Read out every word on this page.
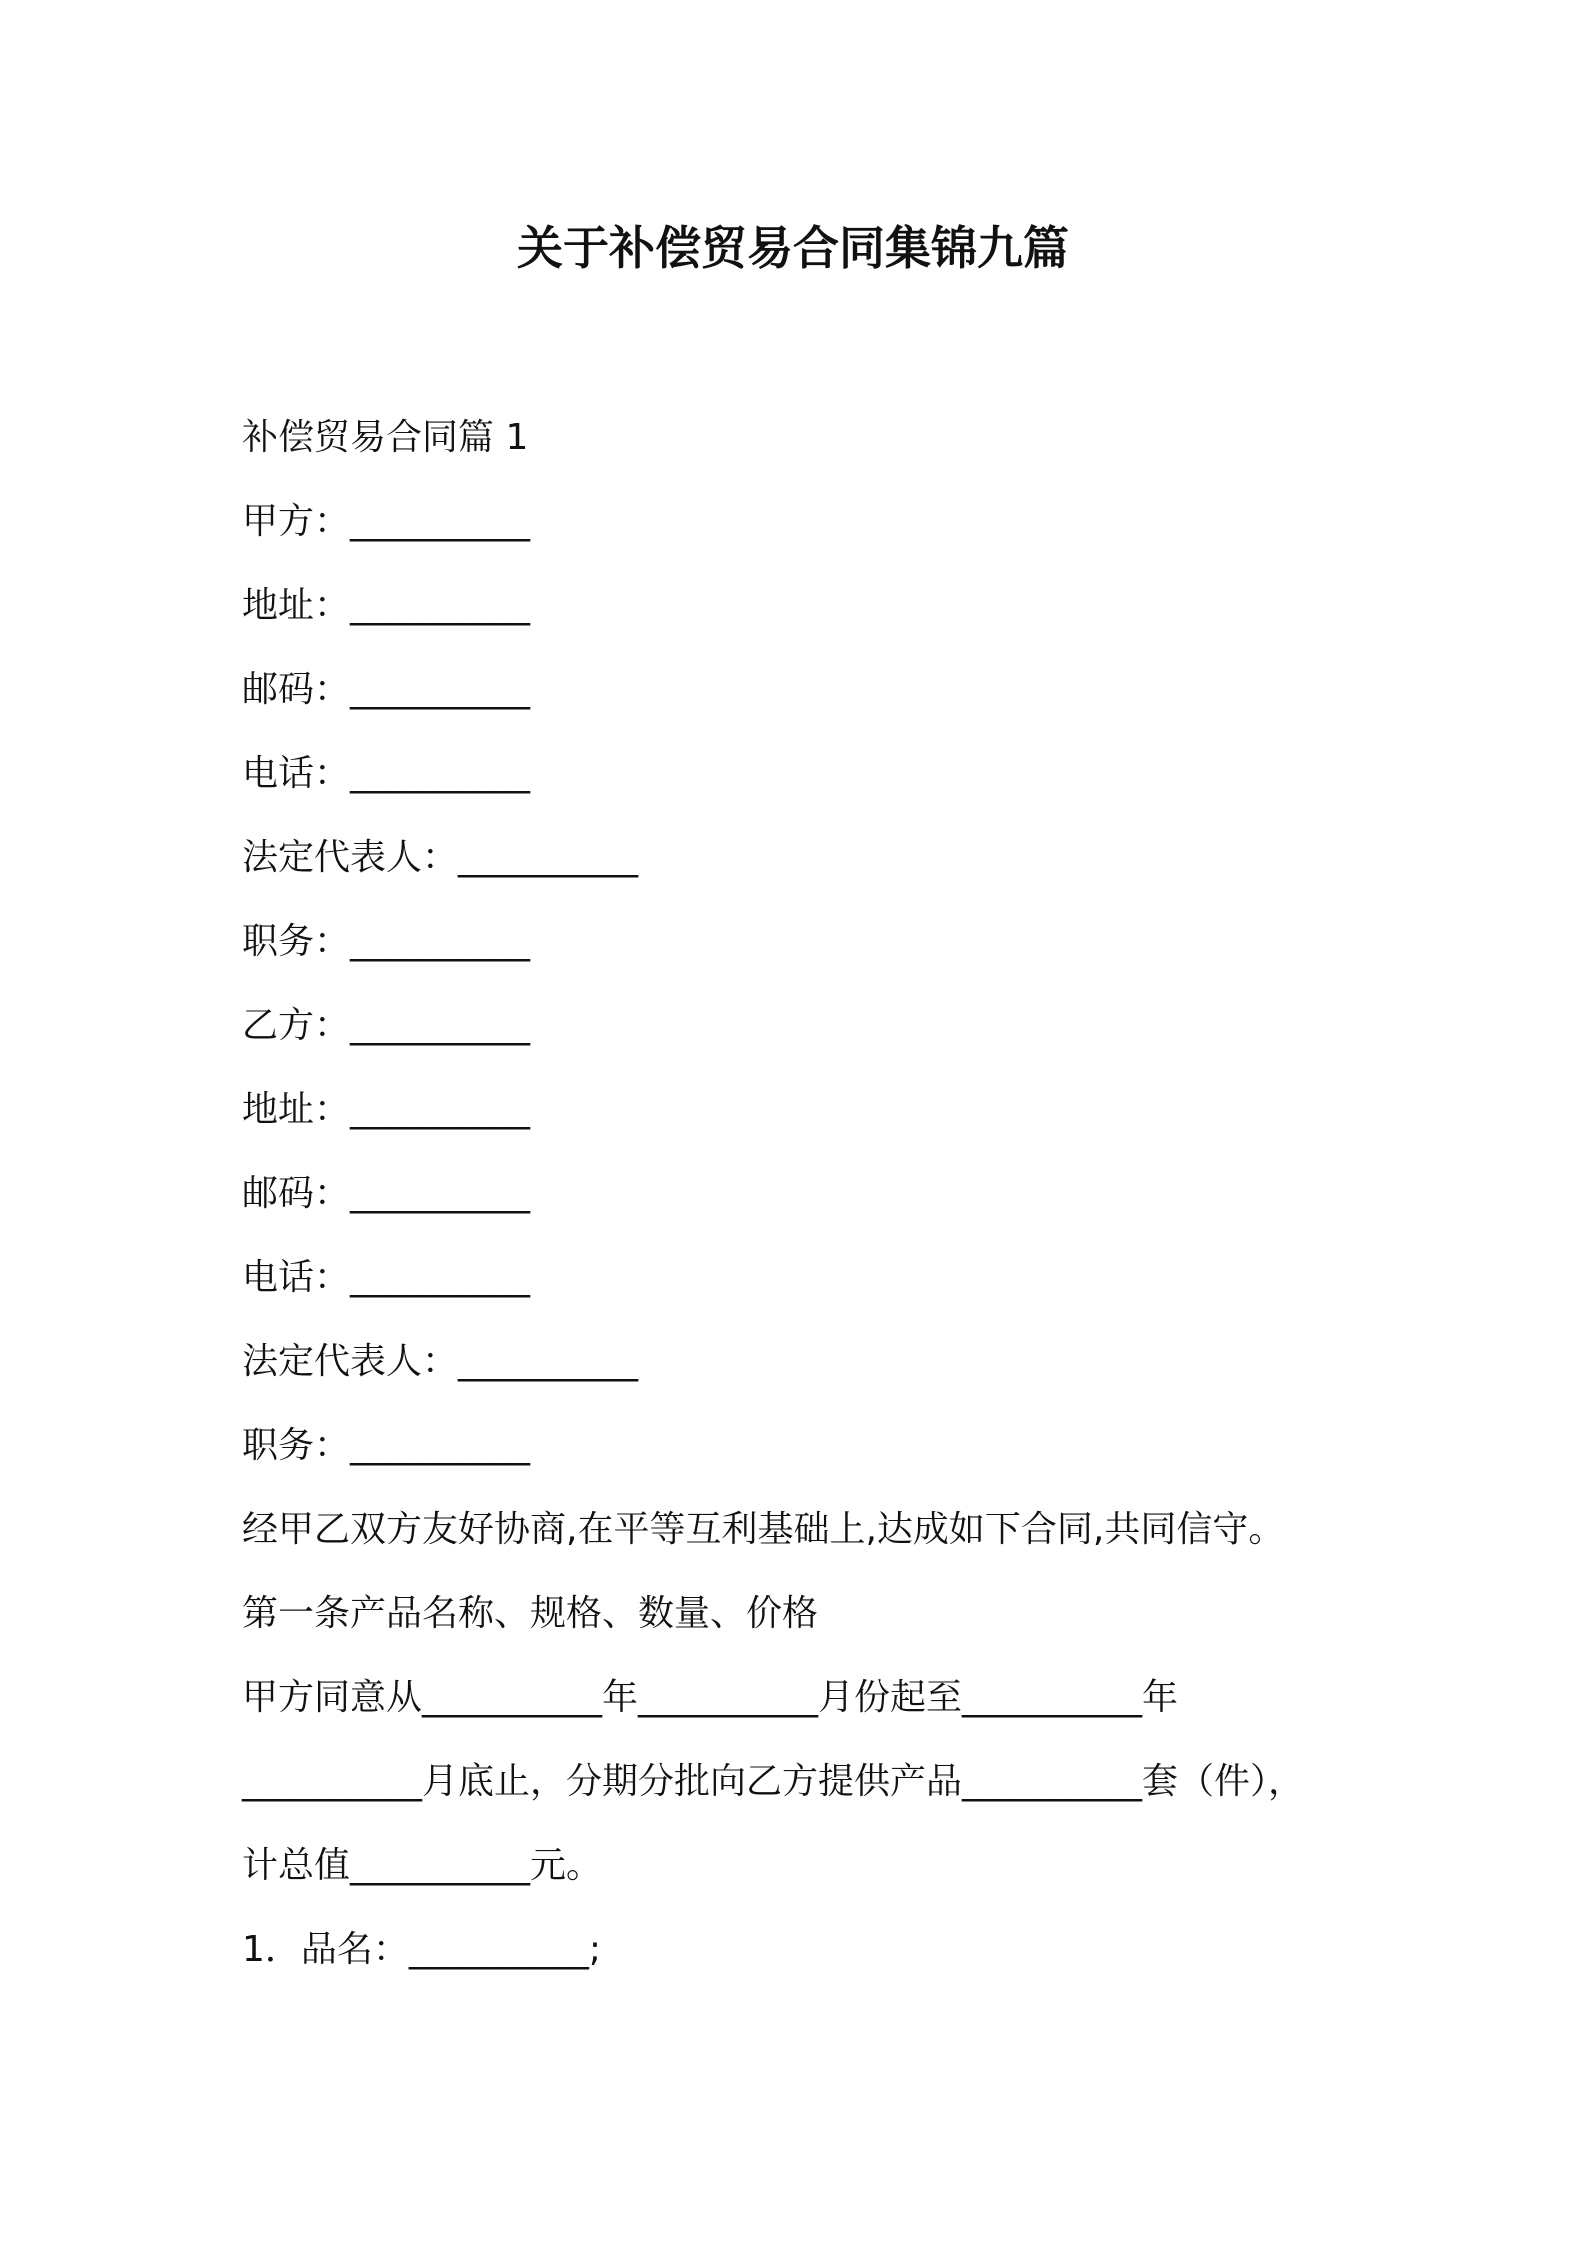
关于补偿贸易合同集锦九篇
补偿贸易合同篇 1
甲方：__________
地址：__________
邮码：__________
电话：__________
法定代表人：__________
职务：__________
乙方：__________
地址：__________
邮码：__________
电话：__________
法定代表人：__________
职务：__________
经甲乙双方友好协商,在平等互利基础上,达成如下合同,共同信守。
第一条产品名称、规格、数量、价格
甲方同意从__________年__________月份起至__________年
__________月底止，分期分批向乙方提供产品__________套（件），
计总值__________元。
1．品名：__________;
